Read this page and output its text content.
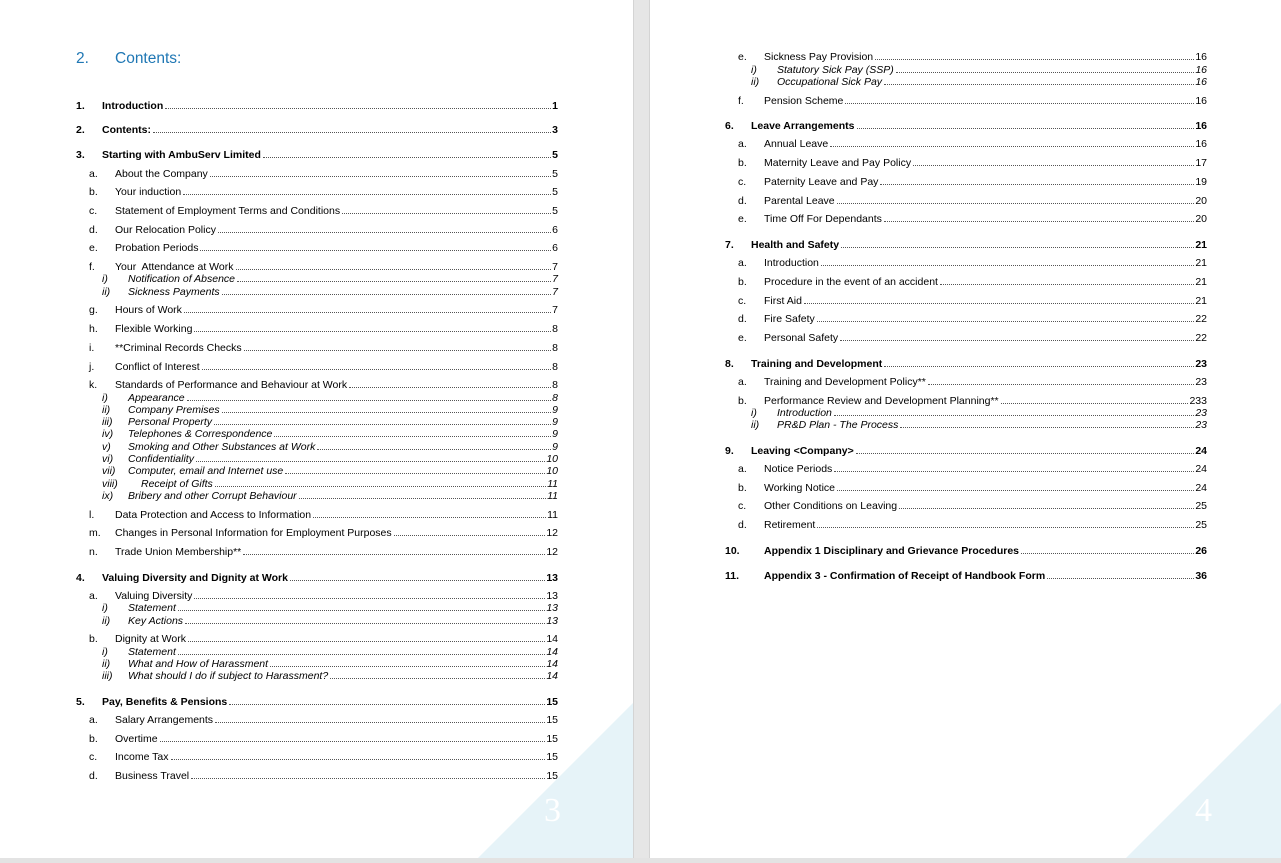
2. Contents:
1.	Introduction	1
2.	Contents:	3
3.	Starting with AmbuServ Limited	5
a.	About the Company	5
b.	Your induction	5
c.	Statement of Employment Terms and Conditions	5
d.	Our Relocation Policy	6
e.	Probation Periods	6
f.	Your  Attendance at Work	7
i)	Notification of Absence	7
ii)	Sickness Payments	7
g.	Hours of Work	7
h.	Flexible Working	8
i.	**Criminal Records Checks	8
j.	Conflict of Interest	8
k.	Standards of Performance and Behaviour at Work	8
i)	Appearance	8
ii)	Company Premises	9
iii)	Personal Property	9
iv)	Telephones & Correspondence	9
v)	Smoking and Other Substances at Work	9
vi)	Confidentiality	10
vii)	Computer, email and Internet use	10
viii)	Receipt of Gifts	11
ix)	Bribery and other Corrupt Behaviour	11
l.	Data Protection and Access to Information	11
m.	Changes in Personal Information for Employment Purposes	12
n.	Trade Union Membership**	12
4.	Valuing Diversity and Dignity at Work	13
a.	Valuing Diversity	13
i)	Statement	13
ii)	Key Actions	13
b.	Dignity at Work	14
i)	Statement	14
ii)	What and How of Harassment	14
iii)	What should I do if subject to Harassment?	14
5.	Pay, Benefits & Pensions	15
a.	Salary Arrangements	15
b.	Overtime	15
c.	Income Tax	15
d.	Business Travel	15
3
e.	Sickness Pay Provision	16
i)	Statutory Sick Pay (SSP)	16
ii)	Occupational Sick Pay	16
f.	Pension Scheme	16
6.	Leave Arrangements	16
a.	Annual Leave	16
b.	Maternity Leave and Pay Policy	17
c.	Paternity Leave and Pay	19
d.	Parental Leave	20
e.	Time Off For Dependants	20
7.	Health and Safety	21
a.	Introduction	21
b.	Procedure in the event of an accident	21
c.	First Aid	21
d.	Fire Safety	22
e.	Personal Safety	22
8.	Training and Development	23
a.	Training and Development Policy**	23
b.	Performance Review and Development Planning**	233
i)	Introduction	23
ii)	PR&D Plan - The Process	23
9.	Leaving <Company>	24
a.	Notice Periods	24
b.	Working Notice	24
c.	Other Conditions on Leaving	25
d.	Retirement	25
10.	Appendix 1 Disciplinary and Grievance Procedures	26
11.	Appendix 3 - Confirmation of Receipt of Handbook Form	36
4
